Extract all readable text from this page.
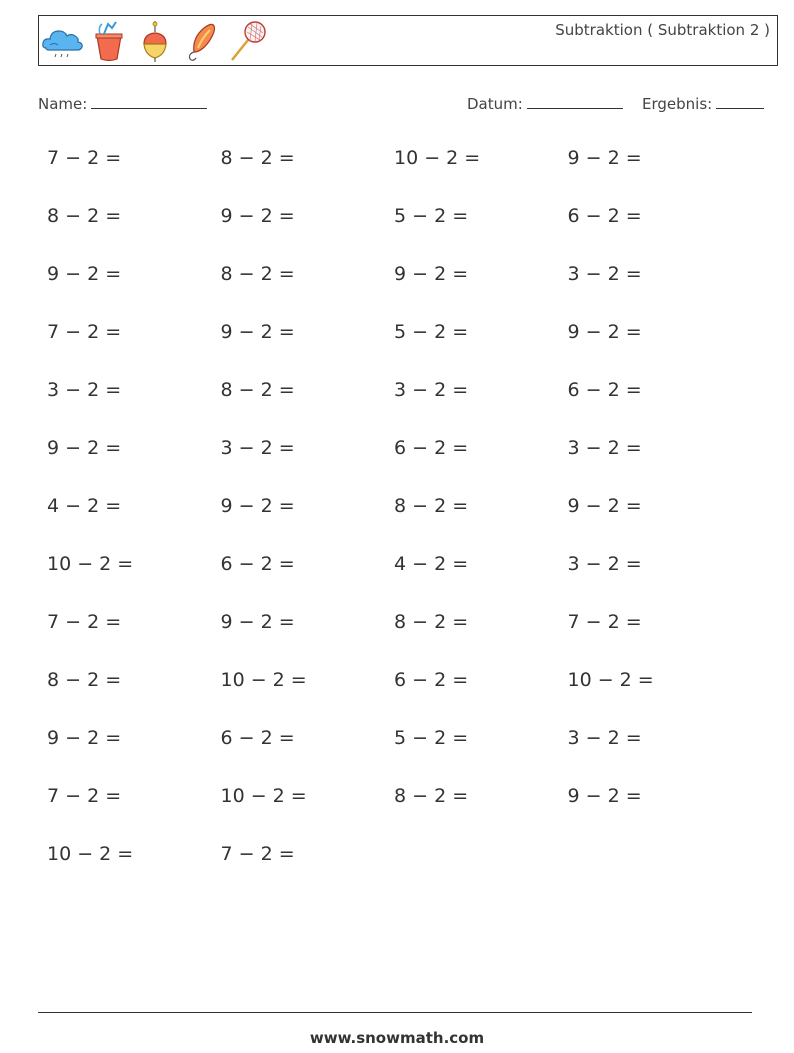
Subtraktion ( Subtraktion 2 )
Name:	Datum:	Ergebnis:
7 − 2 =	8 − 2 =	10 − 2 =	9 − 2 =
8 − 2 =	9 − 2 =	5 − 2 =	6 − 2 =
9 − 2 =	8 − 2 =	9 − 2 =	3 − 2 =
7 − 2 =	9 − 2 =	5 − 2 =	9 − 2 =
3 − 2 =	8 − 2 =	3 − 2 =	6 − 2 =
9 − 2 =	3 − 2 =	6 − 2 =	3 − 2 =
4 − 2 =	9 − 2 =	8 − 2 =	9 − 2 =
10 − 2 =	6 − 2 =	4 − 2 =	3 − 2 =
7 − 2 =	9 − 2 =	8 − 2 =	7 − 2 =
8 − 2 =	10 − 2 =	6 − 2 =	10 − 2 =
9 − 2 =	6 − 2 =	5 − 2 =	3 − 2 =
7 − 2 =	10 − 2 =	8 − 2 =	9 − 2 =
10 − 2 =	7 − 2 =
www.snowmath.com
